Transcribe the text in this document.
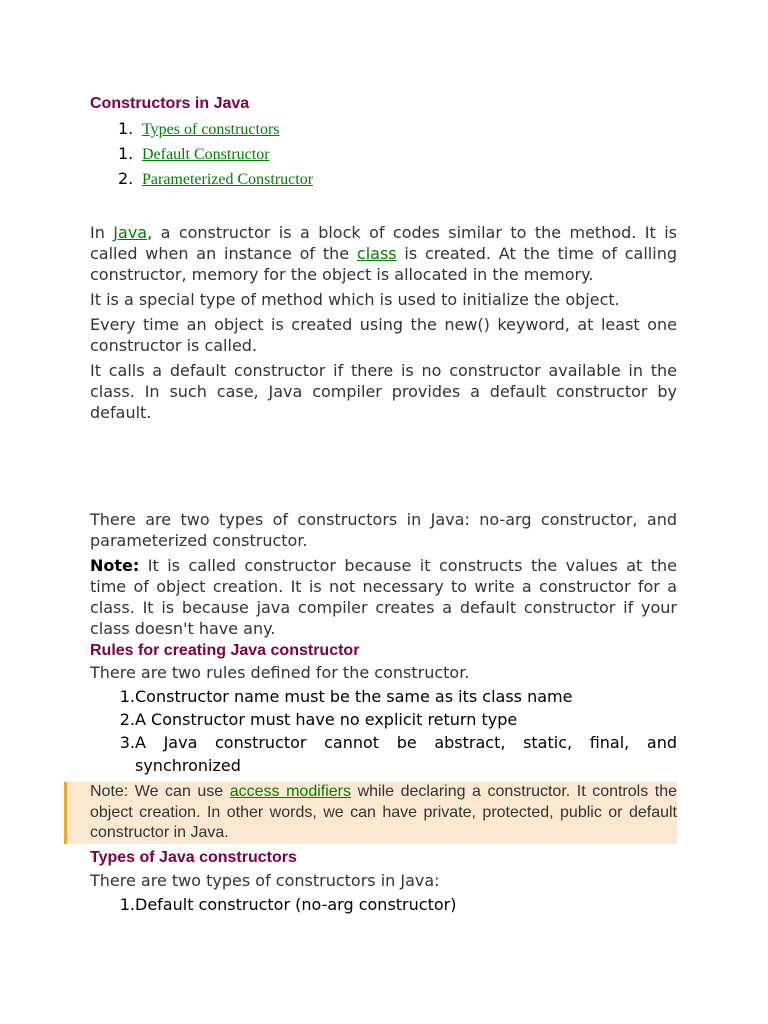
Constructors in Java
1. Types of constructors
1. Default Constructor
2. Parameterized Constructor

In Java, a constructor is a block of codes similar to the method. It is called when an instance of the class is created. At the time of calling constructor, memory for the object is allocated in the memory.

It is a special type of method which is used to initialize the object.

Every time an object is created using the new() keyword, at least one constructor is called.

It calls a default constructor if there is no constructor available in the class. In such case, Java compiler provides a default constructor by default.

There are two types of constructors in Java: no-arg constructor, and parameterized constructor.

Note: It is called constructor because it constructs the values at the time of object creation. It is not necessary to write a constructor for a class. It is because java compiler creates a default constructor if your class doesn't have any.

Rules for creating Java constructor

There are two rules defined for the constructor.

1. Constructor name must be the same as its class name
2. A Constructor must have no explicit return type
3. A Java constructor cannot be abstract, static, final, and synchronized

Note: We can use access modifiers while declaring a constructor. It controls the object creation. In other words, we can have private, protected, public or default constructor in Java.

Types of Java constructors

There are two types of constructors in Java:

1. Default constructor (no-arg constructor)
